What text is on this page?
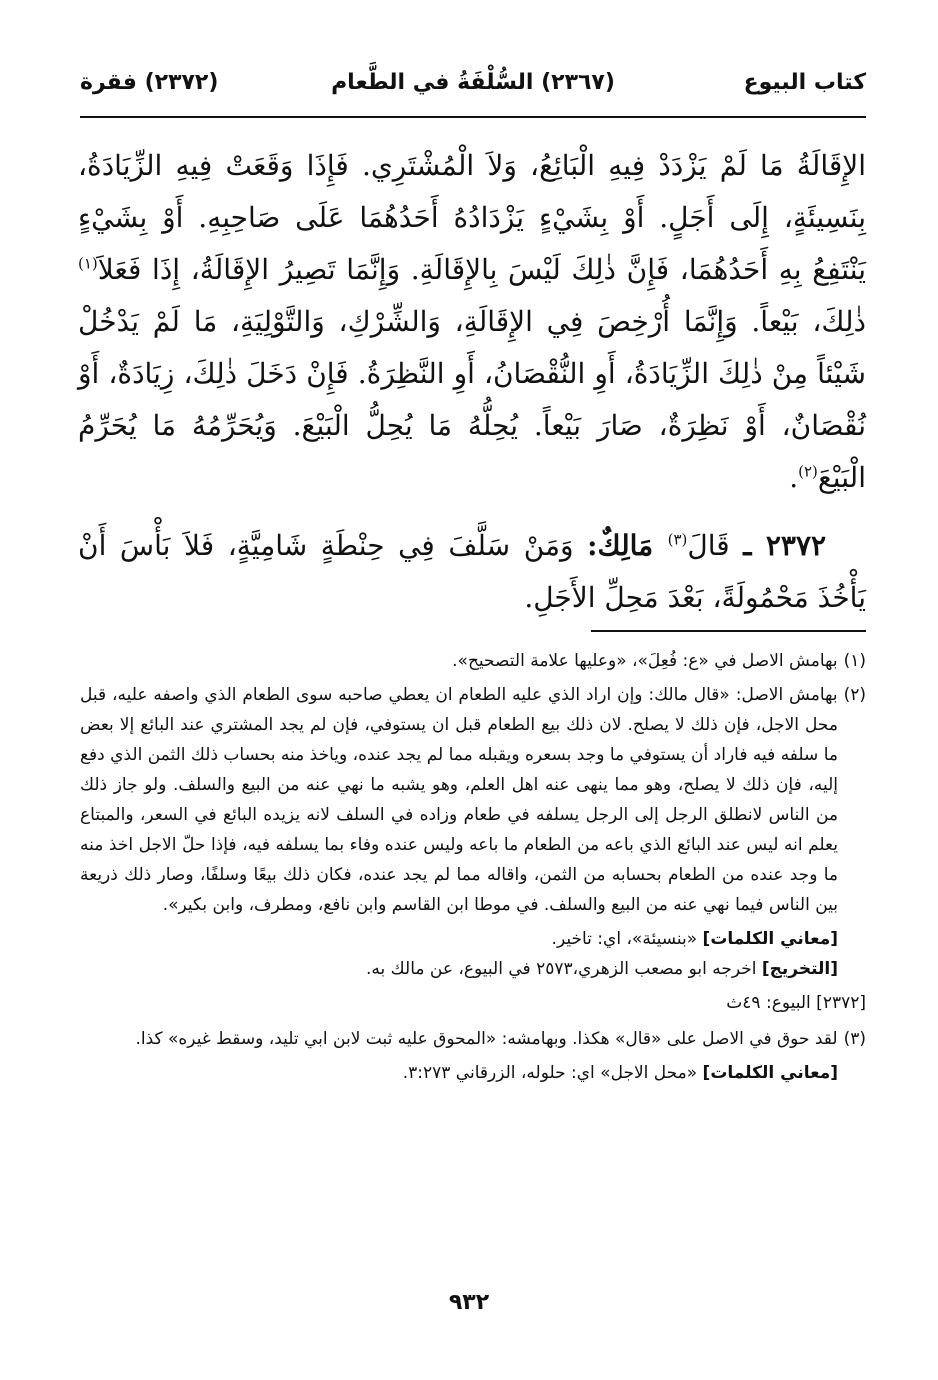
كتاب البيوع
(٢٣٦٧) السُّلْفَةُ في الطَّعام
(٢٣٧٢) فقرة

الإِقَالَةُ مَا لَمْ يَزْدَدْ فِيهِ الْبَائِعُ، وَلاَ الْمُشْتَرِي. فَإِذَا وَقَعَتْ فِيهِ الزِّيَادَةُ، بِنَسِيئَةٍ، إِلَى أَجَلٍ. أَوْ بِشَيْءٍ يَزْدَادُهُ أَحَدُهُمَا عَلَى صَاحِبِهِ. أَوْ بِشَيْءٍ يَنْتَفِعُ بِهِ أَحَدُهُمَا، فَإِنَّ ذٰلِكَ لَيْسَ بِالإِقَالَةِ. وَإِنَّمَا تَصِيرُ الإِقَالَةُ، إِذَا فَعَلاَ$^{(١)}$ ذٰلِكَ، بَيْعاً. وَإِنَّمَا أُرْخِصَ فِي الإِقَالَةِ، وَالشِّرْكِ، وَالتَّوْلِيَةِ، مَا لَمْ يَدْخُلْ شَيْئاً مِنْ ذٰلِكَ الزِّيَادَةُ، أَوِ النُّقْصَانُ، أَوِ النَّظِرَةُ. فَإِنْ دَخَلَ ذٰلِكَ، زِيَادَةٌ، أَوْ نُقْصَانٌ، أَوْ نَظِرَةٌ، صَارَ بَيْعاً. يُحِلُّهُ مَا يُحِلُّ الْبَيْعَ. وَيُحَرِّمُهُ مَا يُحَرِّمُ الْبَيْعَ$^{(٢)}$.

٢٣٧٢ ـ قَالَ$^{(٣)}$ مَالِكٌ: وَمَنْ سَلَّفَ فِي حِنْطَةٍ شَامِيَّةٍ، فَلاَ بَأْسَ أَنْ يَأْخُذَ مَحْمُولَةً، بَعْدَ مَحِلِّ الأَجَلِ.

(١)بهامش الاصل في «ع: فُعِلَ»، «وعليها علامة التصحيح».

(٢)بهامش الاصل: «قال مالك: وإن اراد الذي عليه الطعام ان يعطي صاحبه سوى الطعام الذي واصفه عليه، قبل محل الاجل، فإن ذلك لا يصلح. لان ذلك بيع الطعام قبل ان يستوفي، فإن لم يجد المشتري عند البائع إلا بعض ما سلفه فيه فاراد أن يستوفي ما وجد بسعره ويقبله مما لم يجد عنده، وياخذ منه بحساب ذلك الثمن الذي دفع إليه، فإن ذلك لا يصلح، وهو مما ينهى عنه اهل العلم، وهو يشبه ما نهي عنه من البيع والسلف. ولو جاز ذلك من الناس لانطلق الرجل إلى الرجل يسلفه في طعام وزاده في السلف لانه يزيده البائع في السعر، والمبتاع يعلم انه ليس عند البائع الذي باعه من الطعام ما باعه وليس عنده وفاء بما يسلفه فيه، فإذا حلّ الاجل اخذ منه ما وجد عنده من الطعام بحسابه من الثمن، واقاله مما لم يجد عنده، فكان ذلك بيعًا وسلفًا، وصار ذلك ذريعة بين الناس فيما نهي عنه من البيع والسلف. في موطا ابن القاسم وابن نافع، ومطرف، وابن بكير».

[معاني الكلمات] «بنسيئة»، اي: تاخير.

[التخريج] اخرجه ابو مصعب الزهري،٢٥٧٣ في البيوع، عن مالك به.

[٢٣٧٢] البيوع: ٤٩ث

(٣)لقد حوق في الاصل على «قال» هكذا. وبهامشه: «المحوق عليه ثبت لابن ابي تليد، وسقط غيره» كذا.

[معاني الكلمات] «محل الاجل» اي: حلوله، الزرقاني ٣:٢٧٣.

٩٣٢
